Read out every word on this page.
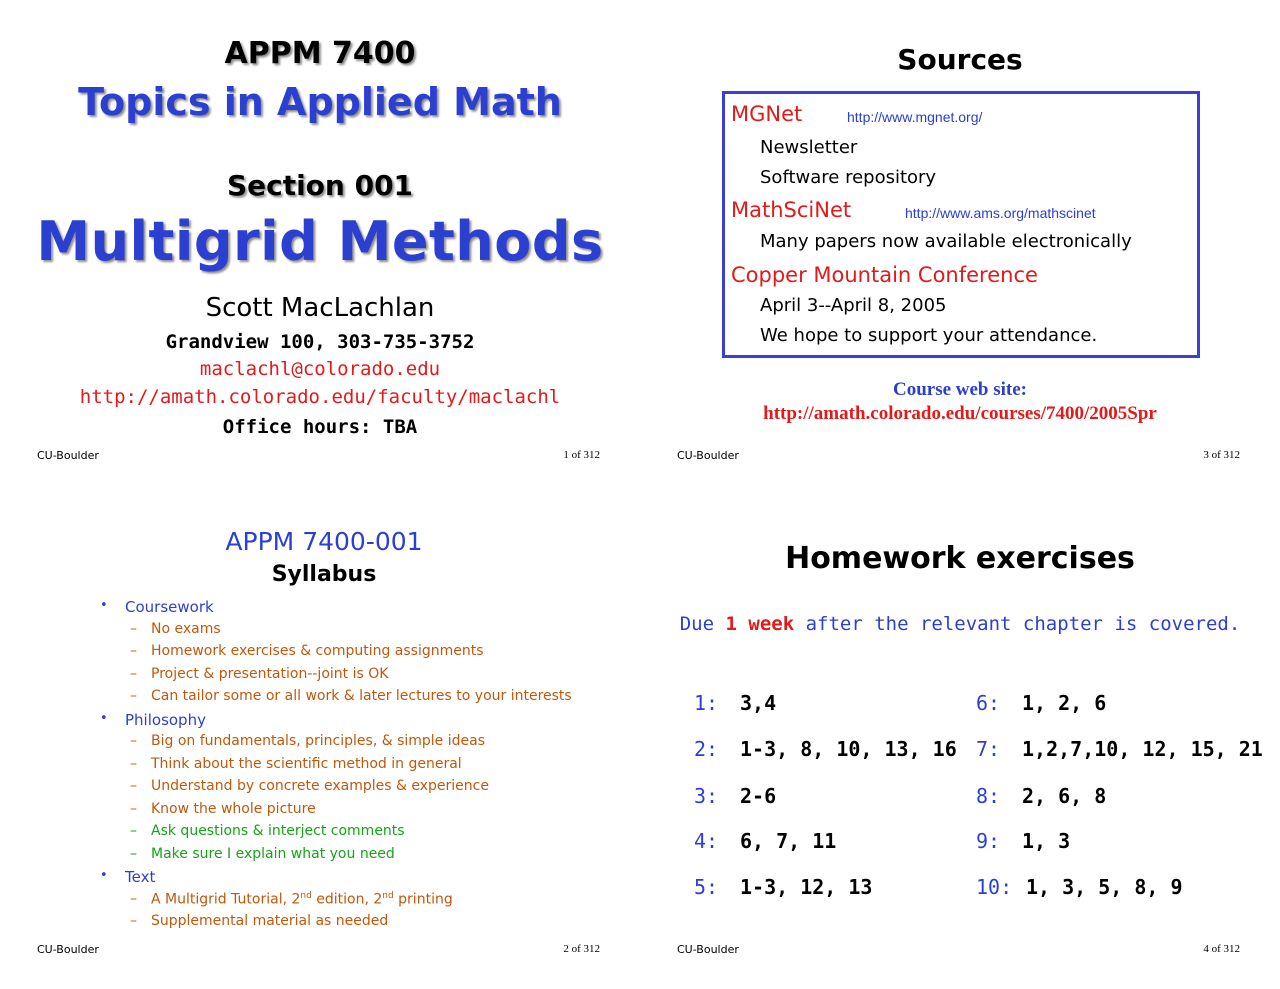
APPM 7400
Topics in Applied Math
Section 001
Multigrid Methods
Scott MacLachlan
Grandview 100, 303-735-3752
maclachl@colorado.edu
http://amath.colorado.edu/faculty/maclachl
Office hours: TBA
CU-Boulder	1 of 312
Sources
MGNet	http://www.mgnet.org/
Newsletter
Software repository
MathSciNet	http://www.ams.org/mathscinet
Many papers now available electronically
Copper Mountain Conference
April 3--April 8, 2005
We hope to support your attendance.
Course web site:
http://amath.colorado.edu/courses/7400/2005Spr
CU-Boulder	3 of 312
APPM 7400-001
Syllabus
• Coursework
– No exams
– Homework exercises & computing assignments
– Project & presentation--joint is OK
– Can tailor some or all work & later lectures to your interests
• Philosophy
– Big on fundamentals, principles, & simple ideas
– Think about the scientific method in general
– Understand by concrete examples & experience
– Know the whole picture
– Ask questions & interject comments
– Make sure I explain what you need
• Text
– A Multigrid Tutorial, 2nd edition, 2nd printing
– Supplemental material as needed
CU-Boulder	2 of 312
Homework exercises
Due 1 week after the relevant chapter is covered.
1: 3,4
2: 1-3, 8, 10, 13, 16
3: 2-6
4: 6, 7, 11
5: 1-3, 12, 13
6: 1, 2, 6
7: 1,2,7,10, 12, 15, 21
8: 2, 6, 8
9: 1, 3
10: 1, 3, 5, 8, 9
CU-Boulder	4 of 312
